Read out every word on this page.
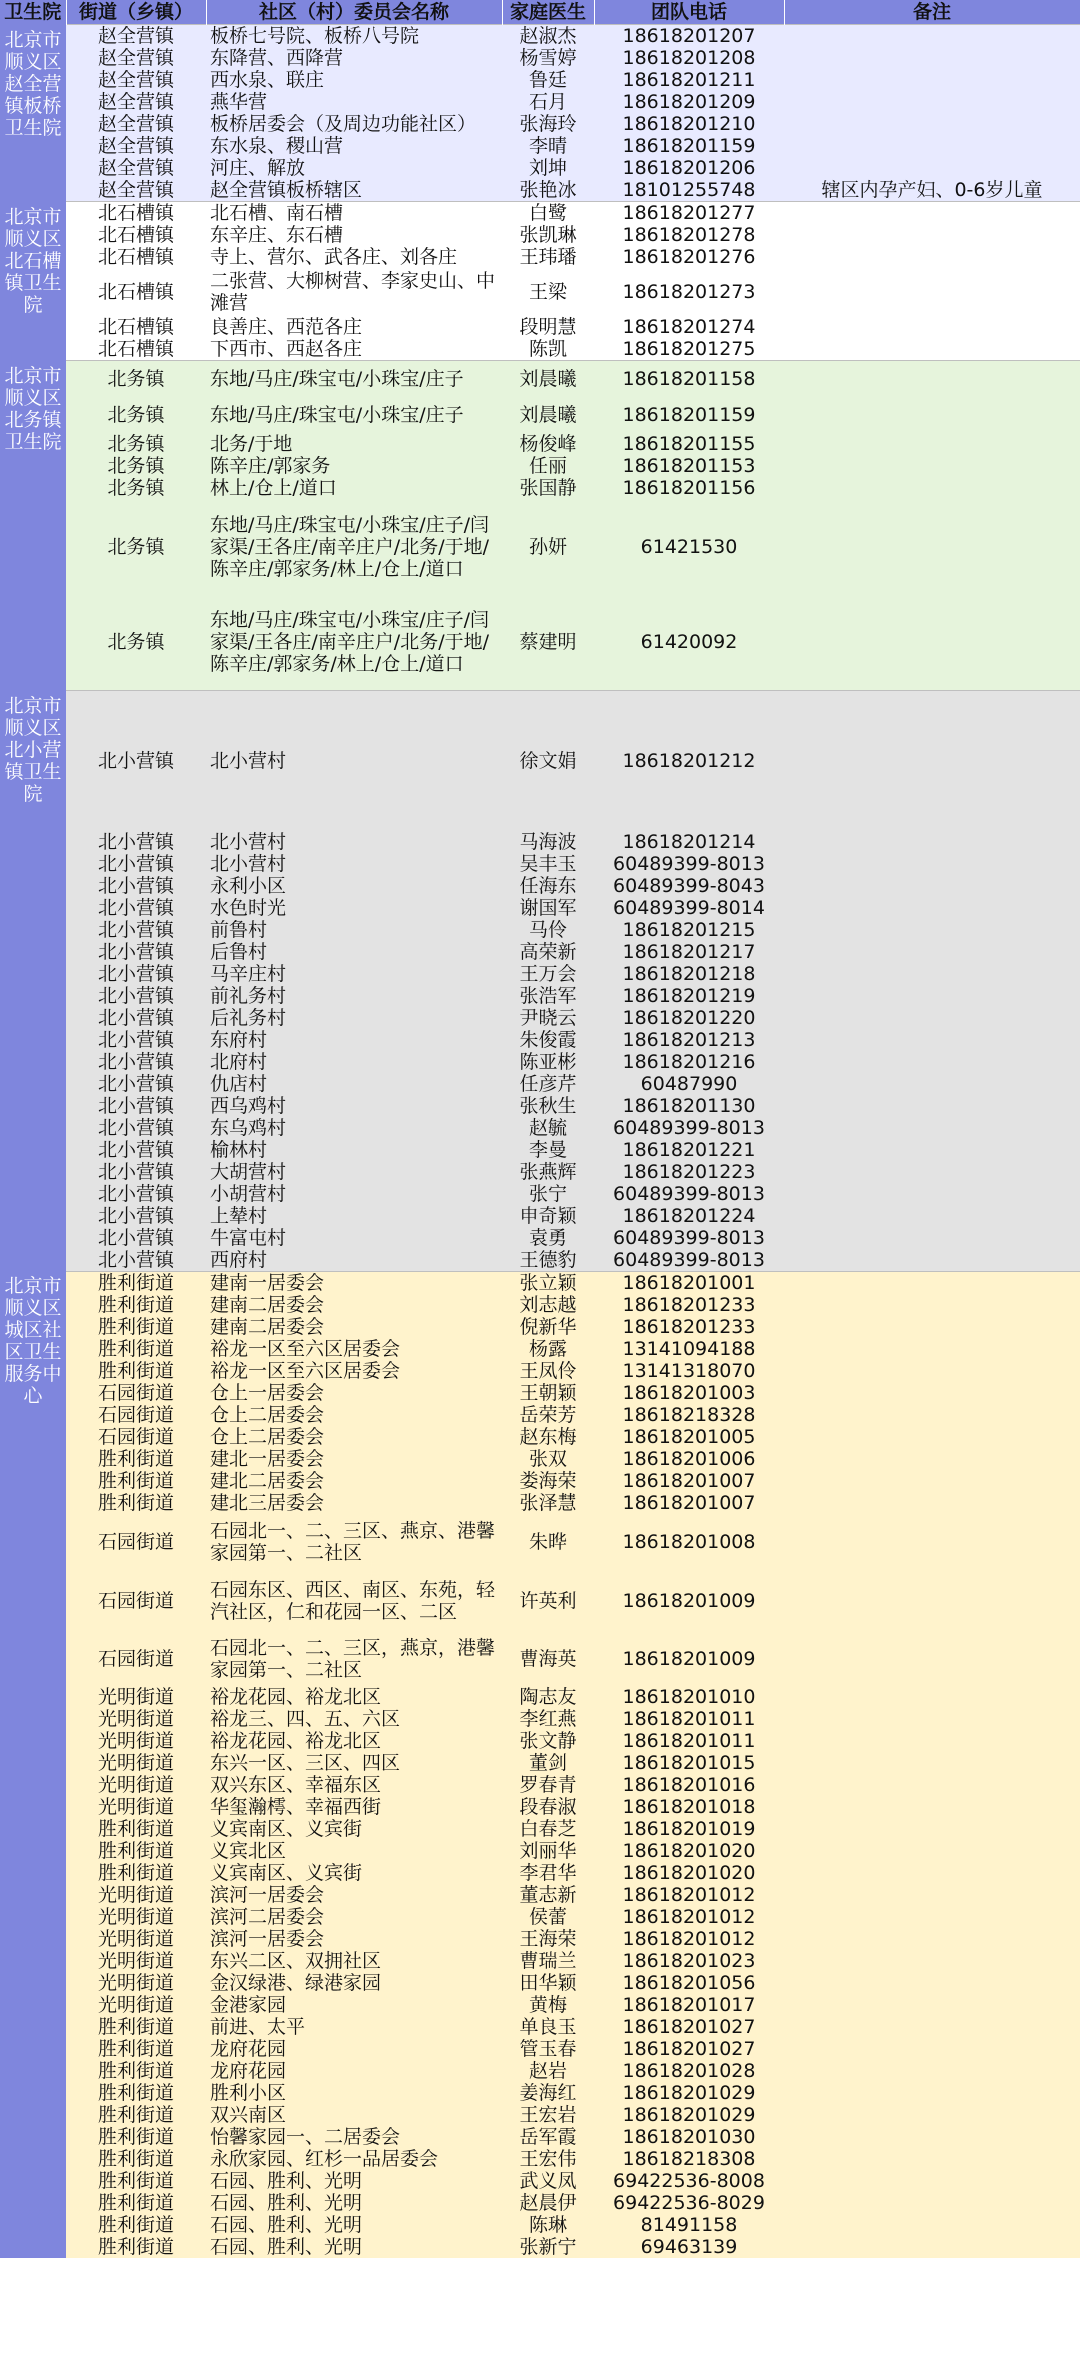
卫生院	街道（乡镇）	社区（村）委员会名称	家庭医生	团队电话	备注
北京市顺义区赵全营镇板桥卫生院	赵全营镇	板桥七号院、板桥八号院	赵淑杰	18618201207	
	赵全营镇	东降营、西降营	杨雪婷	18618201208	
	赵全营镇	西水泉、联庄	鲁廷	18618201211	
	赵全营镇	燕华营	石月	18618201209	
	赵全营镇	板桥居委会（及周边功能社区）	张海玲	18618201210	
	赵全营镇	东水泉、稷山营	李晴	18618201159	
	赵全营镇	河庄、解放	刘坤	18618201206	
	赵全营镇	赵全营镇板桥辖区	张艳冰	18101255748	辖区内孕产妇、0-6岁儿童
北京市顺义区北石槽镇卫生院	北石槽镇	北石槽、南石槽	白鹭	18618201277	
	北石槽镇	东辛庄、东石槽	张凯琳	18618201278	
	北石槽镇	寺上、营尔、武各庄、刘各庄	王玮璠	18618201276	
	北石槽镇	二张营、大柳树营、李家史山、中滩营	王梁	18618201273	
	北石槽镇	良善庄、西范各庄	段明慧	18618201274	
	北石槽镇	下西市、西赵各庄	陈凯	18618201275	
北京市顺义区北务镇卫生院	北务镇	东地/马庄/珠宝屯/小珠宝/庄子	刘晨曦	18618201158	
	北务镇	东地/马庄/珠宝屯/小珠宝/庄子	刘晨曦	18618201159	
	北务镇	北务/于地	杨俊峰	18618201155	
	北务镇	陈辛庄/郭家务	任丽	18618201153	
	北务镇	林上/仓上/道口	张国静	18618201156	
	北务镇	东地/马庄/珠宝屯/小珠宝/庄子/闫家渠/王各庄/南辛庄户/北务/于地/陈辛庄/郭家务/林上/仓上/道口	孙妍	61421530	
	北务镇	东地/马庄/珠宝屯/小珠宝/庄子/闫家渠/王各庄/南辛庄户/北务/于地/陈辛庄/郭家务/林上/仓上/道口	蔡建明	61420092	
北京市顺义区北小营镇卫生院	北小营镇	北小营村	徐文娟	18618201212	
	北小营镇	北小营村	马海波	18618201214	
	北小营镇	北小营村	吴丰玉	60489399-8013	
	北小营镇	永利小区	任海东	60489399-8043	
	北小营镇	水色时光	谢国军	60489399-8014	
	北小营镇	前鲁村	马伶	18618201215	
	北小营镇	后鲁村	高荣新	18618201217	
	北小营镇	马辛庄村	王万会	18618201218	
	北小营镇	前礼务村	张浩军	18618201219	
	北小营镇	后礼务村	尹晓云	18618201220	
	北小营镇	东府村	朱俊霞	18618201213	
	北小营镇	北府村	陈亚彬	18618201216	
	北小营镇	仇店村	任彦芹	60487990	
	北小营镇	西乌鸡村	张秋生	18618201130	
	北小营镇	东乌鸡村	赵毓	60489399-8013	
	北小营镇	榆林村	李曼	18618201221	
	北小营镇	大胡营村	张燕辉	18618201223	
	北小营镇	小胡营村	张宁	60489399-8013	
	北小营镇	上辇村	申奇颖	18618201224	
	北小营镇	牛富屯村	袁勇	60489399-8013	
	北小营镇	西府村	王德豹	60489399-8013	
北京市顺义区城区社区卫生服务中心	胜利街道	建南一居委会	张立颖	18618201001	
	胜利街道	建南二居委会	刘志越	18618201233	
	胜利街道	建南二居委会	倪新华	18618201233	
	胜利街道	裕龙一区至六区居委会	杨露	13141094188	
	胜利街道	裕龙一区至六区居委会	王凤伶	13141318070	
	石园街道	仓上一居委会	王朝颖	18618201003	
	石园街道	仓上二居委会	岳荣芳	18618218328	
	石园街道	仓上二居委会	赵东梅	18618201005	
	胜利街道	建北一居委会	张双	18618201006	
	胜利街道	建北二居委会	娄海荣	18618201007	
	胜利街道	建北三居委会	张泽慧	18618201007	
	石园街道	石园北一、二、三区、燕京、港馨家园第一、二社区	朱晔	18618201008	
	石园街道	石园东区、西区、南区、东苑，轻汽社区，仁和花园一区、二区	许英利	18618201009	
	石园街道	石园北一、二、三区，燕京，港馨家园第一、二社区	曹海英	18618201009	
	光明街道	裕龙花园、裕龙北区	陶志友	18618201010	
	光明街道	裕龙三、四、五、六区	李红燕	18618201011	
	光明街道	裕龙花园、裕龙北区	张文静	18618201011	
	光明街道	东兴一区、三区、四区	董剑	18618201015	
	光明街道	双兴东区、幸福东区	罗春青	18618201016	
	光明街道	华玺瀚樗、幸福西街	段春淑	18618201018	
	胜利街道	义宾南区、义宾街	白春芝	18618201019	
	胜利街道	义宾北区	刘丽华	18618201020	
	胜利街道	义宾南区、义宾街	李君华	18618201020	
	光明街道	滨河一居委会	董志新	18618201012	
	光明街道	滨河二居委会	侯蕾	18618201012	
	光明街道	滨河一居委会	王海荣	18618201012	
	光明街道	东兴二区、双拥社区	曹瑞兰	18618201023	
	光明街道	金汉绿港、绿港家园	田华颖	18618201056	
	光明街道	金港家园	黄梅	18618201017	
	胜利街道	前进、太平	单良玉	18618201027	
	胜利街道	龙府花园	管玉春	18618201027	
	胜利街道	龙府花园	赵岩	18618201028	
	胜利街道	胜利小区	姜海红	18618201029	
	胜利街道	双兴南区	王宏岩	18618201029	
	胜利街道	怡馨家园一、二居委会	岳军霞	18618201030	
	胜利街道	永欣家园、红杉一品居委会	王宏伟	18618218308	
	胜利街道	石园、胜利、光明	武义凤	69422536-8008	
	胜利街道	石园、胜利、光明	赵晨伊	69422536-8029	
	胜利街道	石园、胜利、光明	陈琳	81491158	
	胜利街道	石园、胜利、光明	张新宁	69463139	
